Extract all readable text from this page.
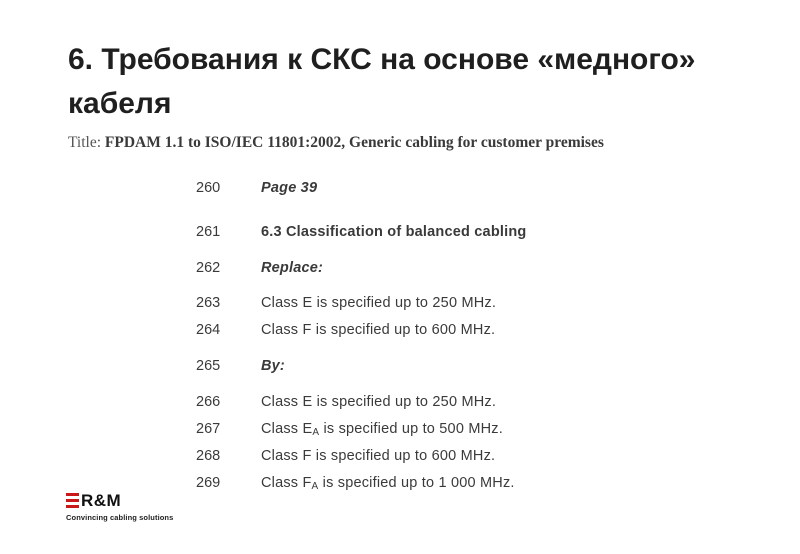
6. Требования к СКС на основе «медного» кабеля
Title: FPDAM 1.1 to ISO/IEC 11801:2002, Generic cabling for customer premises
260	Page 39
261	6.3 Classification of balanced cabling
262	Replace:
263	Class E is specified up to 250 MHz.
264	Class F is specified up to 600 MHz.
265	By:
266	Class E is specified up to 250 MHz.
267	Class $E_A$ is specified up to 500 MHz.
268	Class F is specified up to 600 MHz.
269	Class $F_A$ is specified up to 1 000 MHz.
R&M
Convincing cabling solutions
